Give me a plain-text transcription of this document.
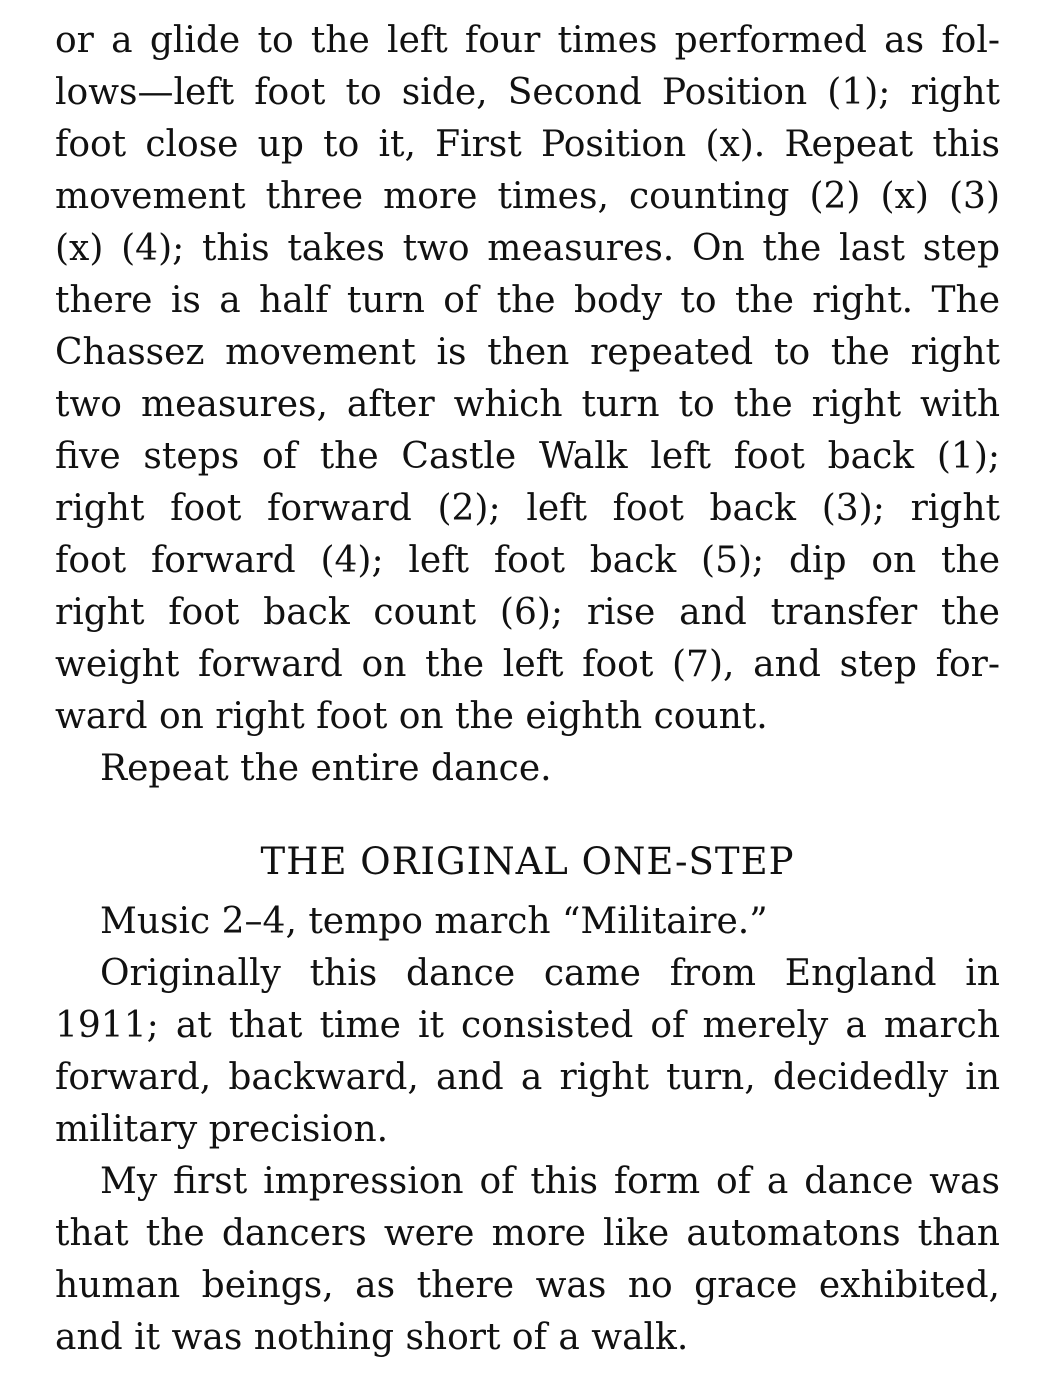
or a glide to the left four times performed as fol-
lows—left foot to side, Second Position (1); right
foot close up to it, First Position (x). Repeat this
movement three more times, counting (2) (x) (3)
(x) (4); this takes two measures. On the last step
there is a half turn of the body to the right. The
Chassez movement is then repeated to the right
two measures, after which turn to the right with
five steps of the Castle Walk left foot back (1);
right foot forward (2); left foot back (3); right
foot forward (4); left foot back (5); dip on the
right foot back count (6); rise and transfer the
weight forward on the left foot (7), and step for-
ward on right foot on the eighth count.
Repeat the entire dance.
THE ORIGINAL ONE-STEP
Music 2–4, tempo march “Militaire.”
Originally this dance came from England in
1911; at that time it consisted of merely a march
forward, backward, and a right turn, decidedly in
military precision.
My first impression of this form of a dance was
that the dancers were more like automatons than
human beings, as there was no grace exhibited,
and it was nothing short of a walk.
